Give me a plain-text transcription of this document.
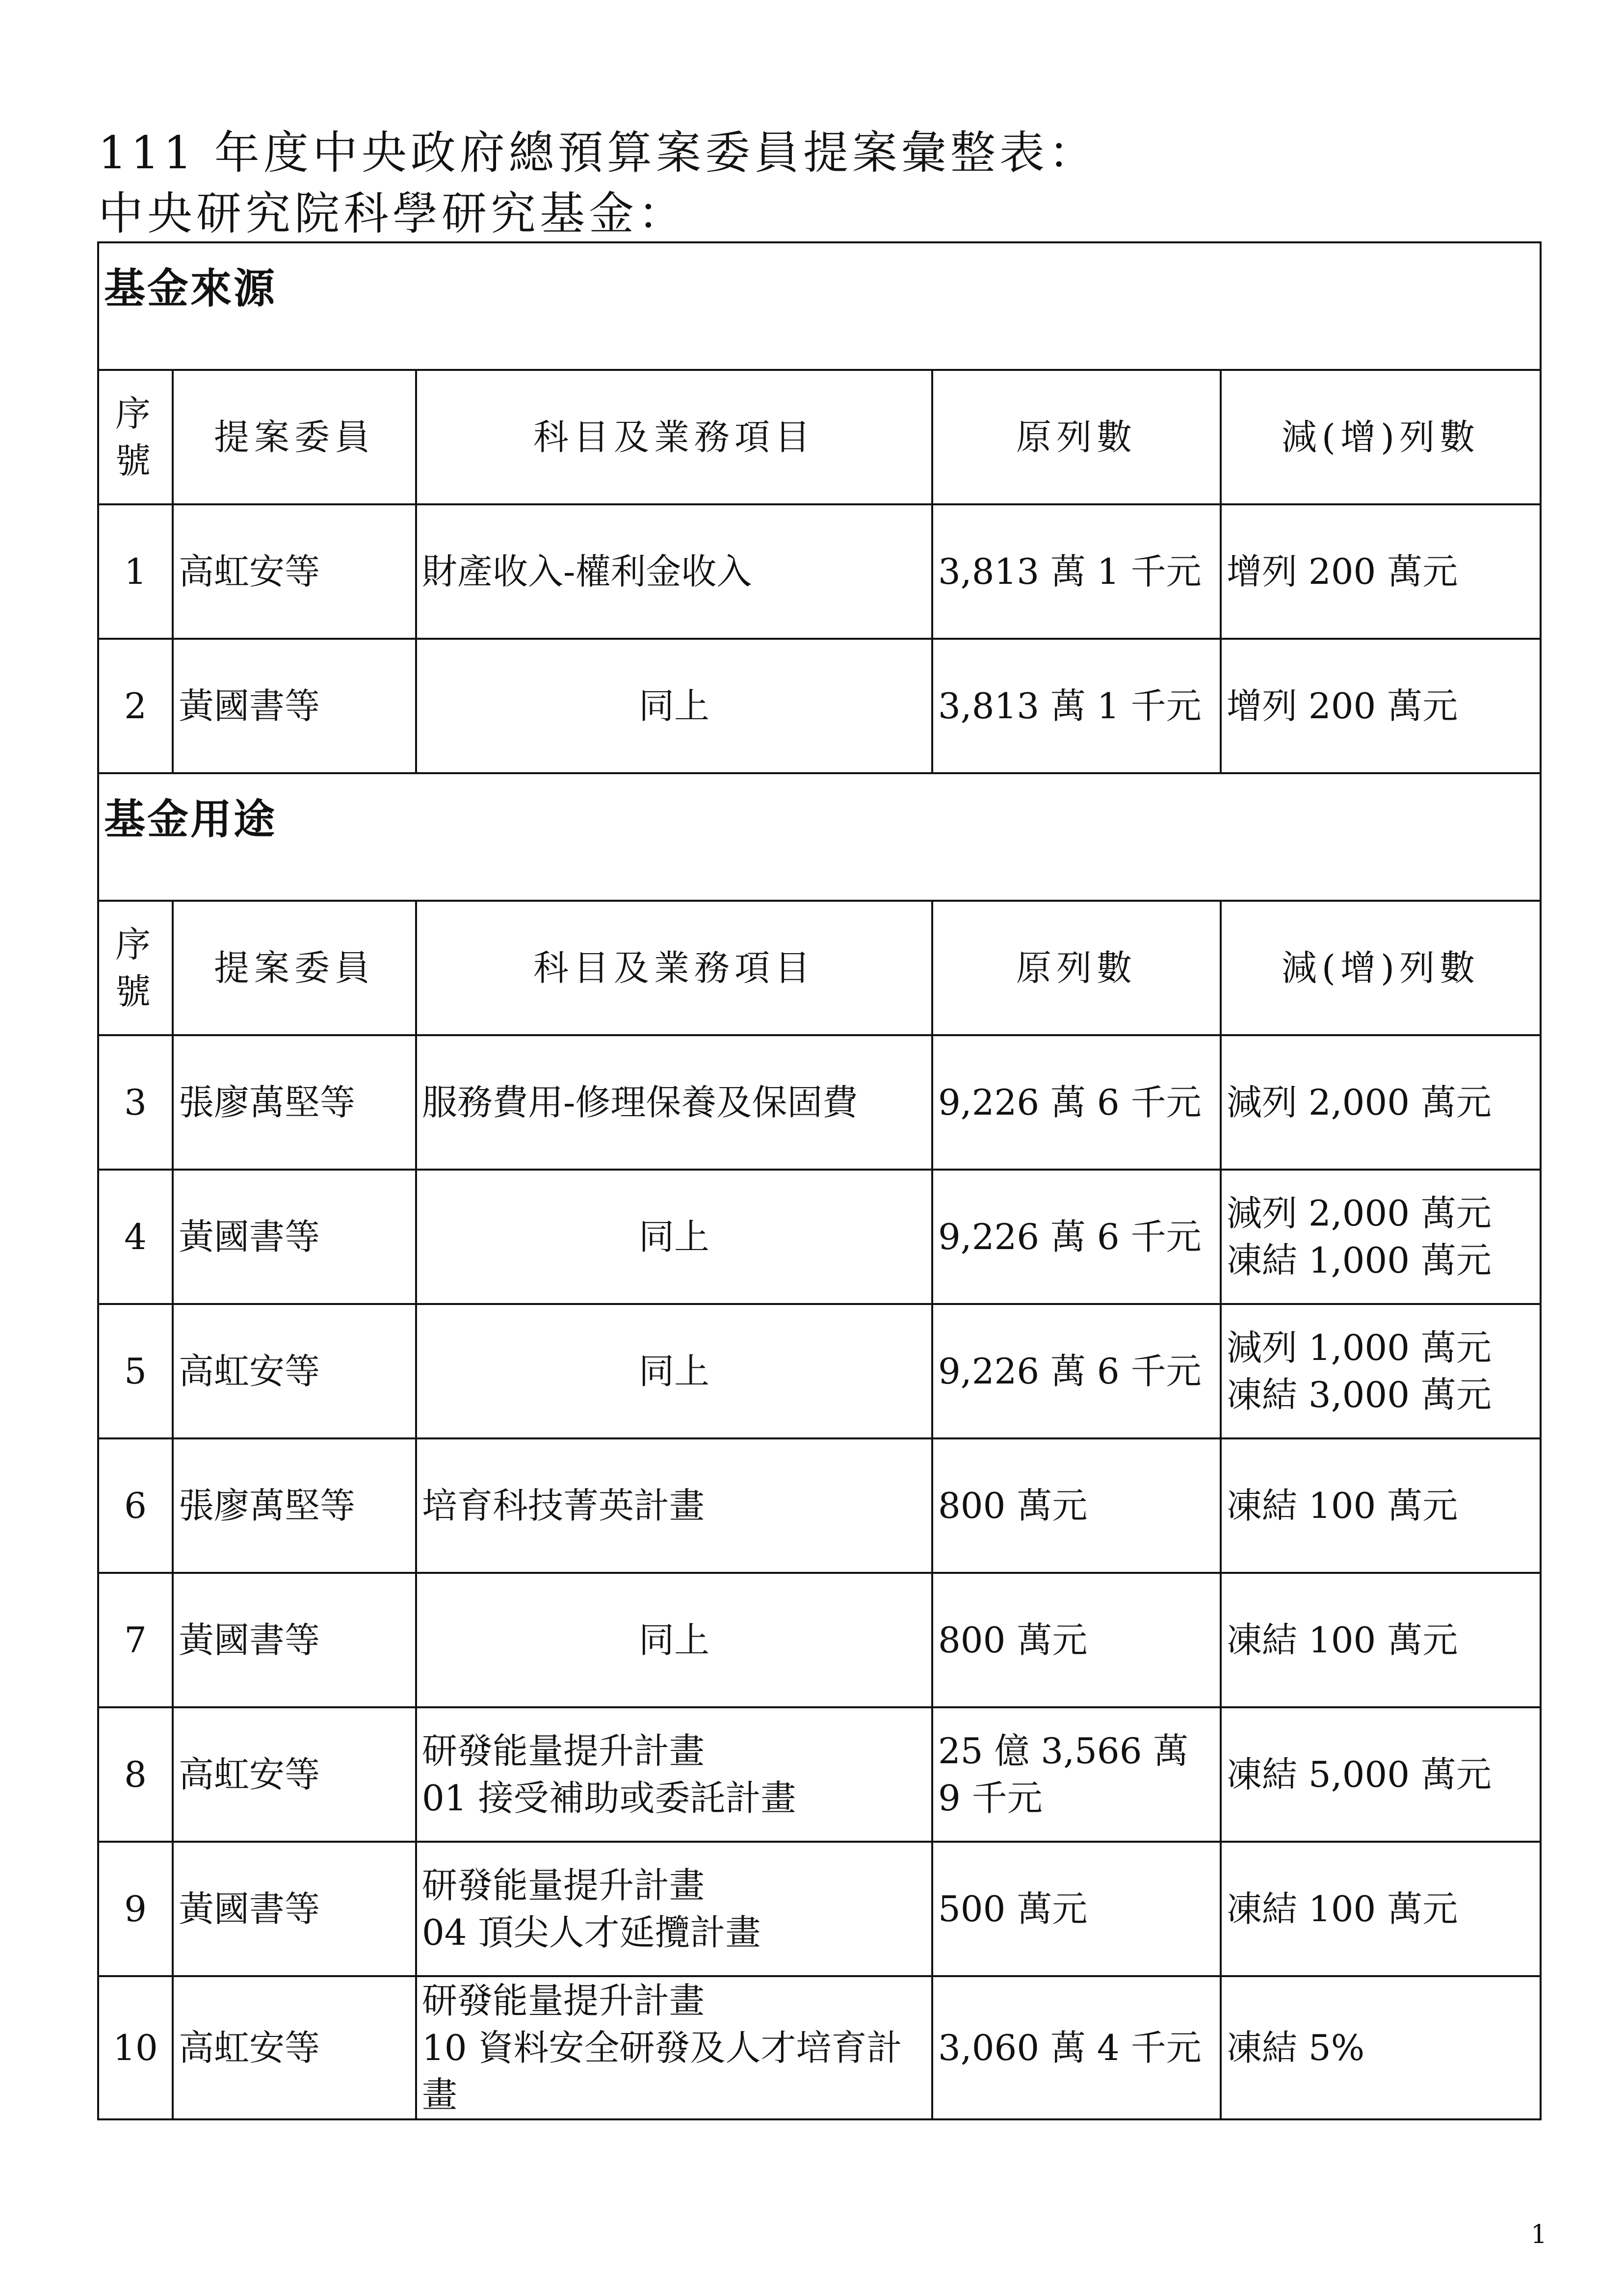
111 年度中央政府總預算案委員提案彙整表：
中央研究院科學研究基金：
基金來源				
序號	提案委員	科目及業務項目	原列數	減(增)列數
1	高虹安等	財產收入-權利金收入	3,813 萬 1 千元	增列 200 萬元

2	黃國書等	同上	3,813 萬 1 千元	增列 200 萬元

基金用途				
序號	提案委員	科目及業務項目	原列數	減(增)列數
3	張廖萬堅等	服務費用-修理保養及保固費	9,226 萬 6 千元	減列 2,000 萬元

4	黃國書等	同上	9,226 萬 6 千元	減列 2,000 萬元
凍結 1,000 萬元

5	高虹安等	同上	9,226 萬 6 千元	減列 1,000 萬元
凍結 3,000 萬元

6	張廖萬堅等	培育科技菁英計畫	800 萬元	凍結 100 萬元

7	黃國書等	同上	800 萬元	凍結 100 萬元

8	高虹安等	研發能量提升計畫
01 接受補助或委託計畫	25 億 3,566 萬 9 千元	凍結 5,000 萬元

9	黃國書等	研發能量提升計畫
04 頂尖人才延攬計畫	500 萬元	凍結 100 萬元

10	高虹安等	研發能量提升計畫
10 資料安全研發及人才培育計畫	3,060 萬 4 千元	凍結 5%
1
